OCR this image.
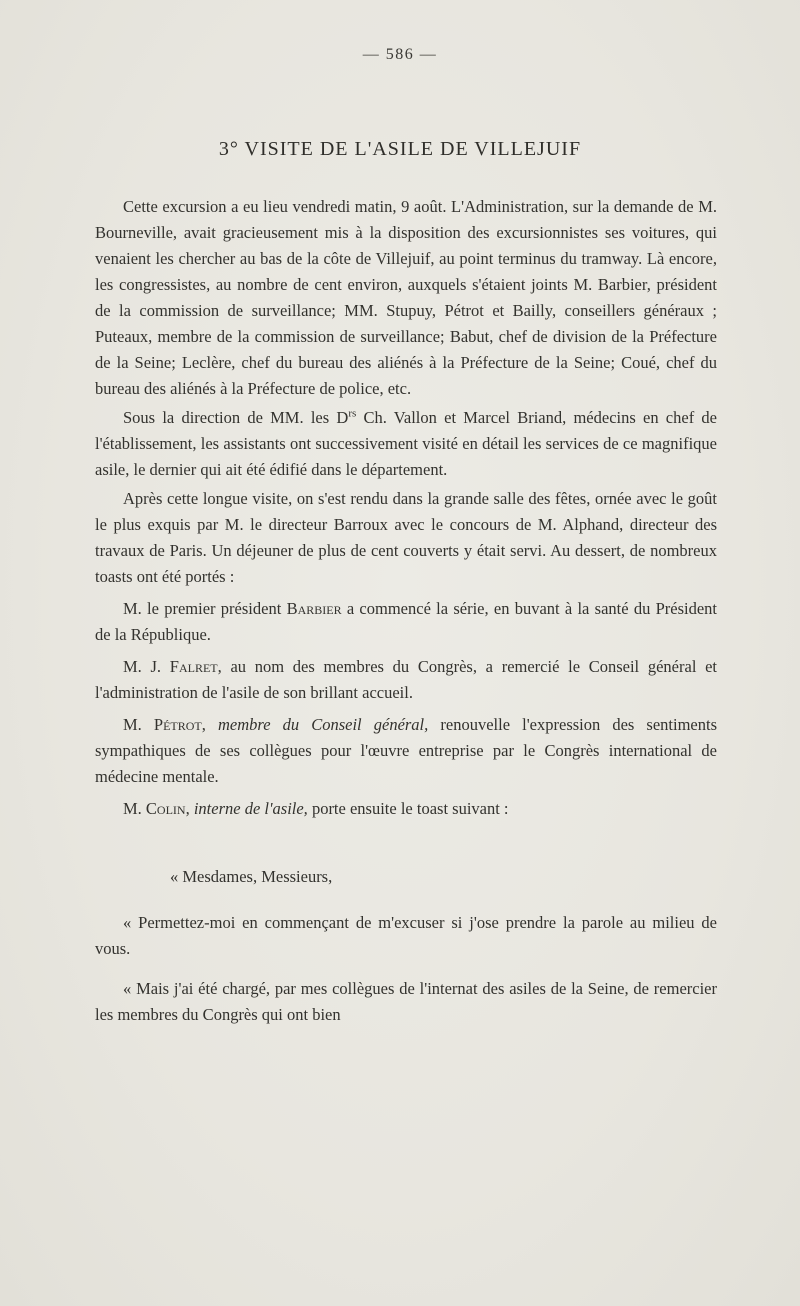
— 586 —
3° VISITE DE L'ASILE DE VILLEJUIF

Cette excursion a eu lieu vendredi matin, 9 août. L'Administration, sur la demande de M. Bourneville, avait gracieusement mis à la disposition des excursionnistes ses voitures, qui venaient les chercher au bas de la côte de Villejuif, au point terminus du tramway. Là encore, les congressistes, au nombre de cent environ, auxquels s'étaient joints M. Barbier, président de la commission de surveillance; MM. Stupuy, Pétrot et Bailly, conseillers généraux ; Puteaux, membre de la commission de surveillance; Babut, chef de division de la Préfecture de la Seine; Leclère, chef du bureau des aliénés à la Préfecture de la Seine; Coué, chef du bureau des aliénés à la Préfecture de police, etc.

Sous la direction de MM. les $D^{rs}$ Ch. Vallon et Marcel Briand, médecins en chef de l'établissement, les assistants ont successivement visité en détail les services de ce magnifique asile, le dernier qui ait été édifié dans le département.

Après cette longue visite, on s'est rendu dans la grande salle des fêtes, ornée avec le goût le plus exquis par M. le directeur Barroux avec le concours de M. Alphand, directeur des travaux de Paris. Un déjeuner de plus de cent couverts y était servi. Au dessert, de nombreux toasts ont été portés :

M. le premier président Barbier a commencé la série, en buvant à la santé du Président de la République.

M. J. Falret, au nom des membres du Congrès, a remercié le Conseil général et l'administration de l'asile de son brillant accueil.

M. Pétrot, membre du Conseil général, renouvelle l'expression des sentiments sympathiques de ses collègues pour l'œuvre entreprise par le Congrès international de médecine mentale.

M. Colin, interne de l'asile, porte ensuite le toast suivant :

« Mesdames, Messieurs,

« Permettez-moi en commençant de m'excuser si j'ose prendre la parole au milieu de vous.

« Mais j'ai été chargé, par mes collègues de l'internat des asiles de la Seine, de remercier les membres du Congrès qui ont bien
